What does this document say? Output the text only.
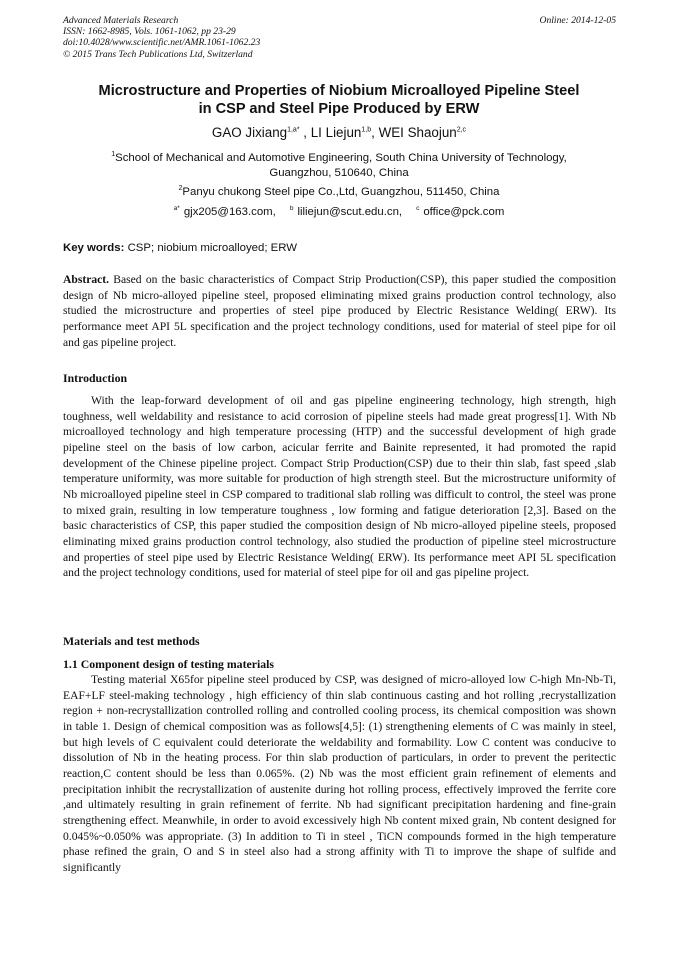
Advanced Materials Research	Online: 2014-12-05
ISSN: 1662-8985, Vols. 1061-1062, pp 23-29
doi:10.4028/www.scientific.net/AMR.1061-1062.23
© 2015 Trans Tech Publications Ltd, Switzerland
Microstructure and Properties of Niobium Microalloyed Pipeline Steel
in CSP and Steel Pipe Produced by ERW
GAO Jixiang$^{1,a*}$ , LI Liejun$^{1,b}$, WEI Shaojun$^{2,c}$
$^1$School of Mechanical and Automotive Engineering, South China University of Technology,
Guangzhou, 510640, China
$^2$Panyu chukong Steel pipe Co.,Ltd, Guangzhou, 511450, China
$^{a*}$ gjx205@163.com, $^b$ liliejun@scut.edu.cn, $^c$ office@pck.com
Key words: CSP; niobium microalloyed; ERW
Abstract. Based on the basic characteristics of Compact Strip Production(CSP), this paper studied the composition design of Nb micro-alloyed pipeline steel, proposed eliminating mixed grains production control technology, also studied the microstructure and properties of steel pipe produced by Electric Resistance Welding( ERW). Its performance meet API 5L specification and the project technology conditions, used for material of steel pipe for oil and gas pipeline project.
Introduction
With the leap-forward development of oil and gas pipeline engineering technology, high strength, high toughness, well weldability and resistance to acid corrosion of pipeline steels had made great progress[1]. With Nb microalloyed technology and high temperature processing (HTP) and the successful development of high grade pipeline steel on the basis of low carbon, acicular ferrite and Bainite represented, it had promoted the rapid development of the Chinese pipeline project. Compact Strip Production(CSP) due to their thin slab, fast speed ,slab temperature uniformity, was more suitable for production of high strength steel. But the microstructure uniformity of Nb microalloyed pipeline steel in CSP compared to traditional slab rolling was difficult to control, the steel was prone to mixed grain, resulting in low temperature toughness , low forming and fatigue deterioration [2,3]. Based on the basic characteristics of CSP, this paper studied the composition design of Nb micro-alloyed pipeline steels, proposed eliminating mixed grains production control technology, also studied the production of pipeline steel microstructure and properties of steel pipe used by Electric Resistance Welding( ERW). Its performance meet API 5L specification and the project technology conditions, used for material of steel pipe for oil and gas pipeline project.
Materials and test methods
1.1 Component design of testing materials
Testing material X65for pipeline steel produced by CSP, was designed of micro-alloyed low C-high Mn-Nb-Ti, EAF+LF steel-making technology , high efficiency of thin slab continuous casting and hot rolling ,recrystallization region + non-recrystallization controlled rolling and controlled cooling process, its chemical composition was shown in table 1. Design of chemical composition was as follows[4,5]: (1) strengthening elements of C was mainly in steel, but high levels of C equivalent could deteriorate the weldability and formability. Low C content was conducive to dissolution of Nb in the heating process. For thin slab production of particulars, in order to prevent the peritectic reaction,C content should be less than 0.065%. (2) Nb was the most efficient grain refinement of elements and precipitation inhibit the recrystallization of austenite during hot rolling process, effectively improved the ferrite core ,and ultimately resulting in grain refinement of ferrite. Nb had significant precipitation hardening and fine-grain strengthening effect. Meanwhile, in order to avoid excessively high Nb content mixed grain, Nb content designed for 0.045%~0.050% was appropriate. (3) In addition to Ti in steel , TiCN compounds formed in the high temperature phase refined the grain, O and S in steel also had a strong affinity with Ti to improve the shape of sulfide and significantly
